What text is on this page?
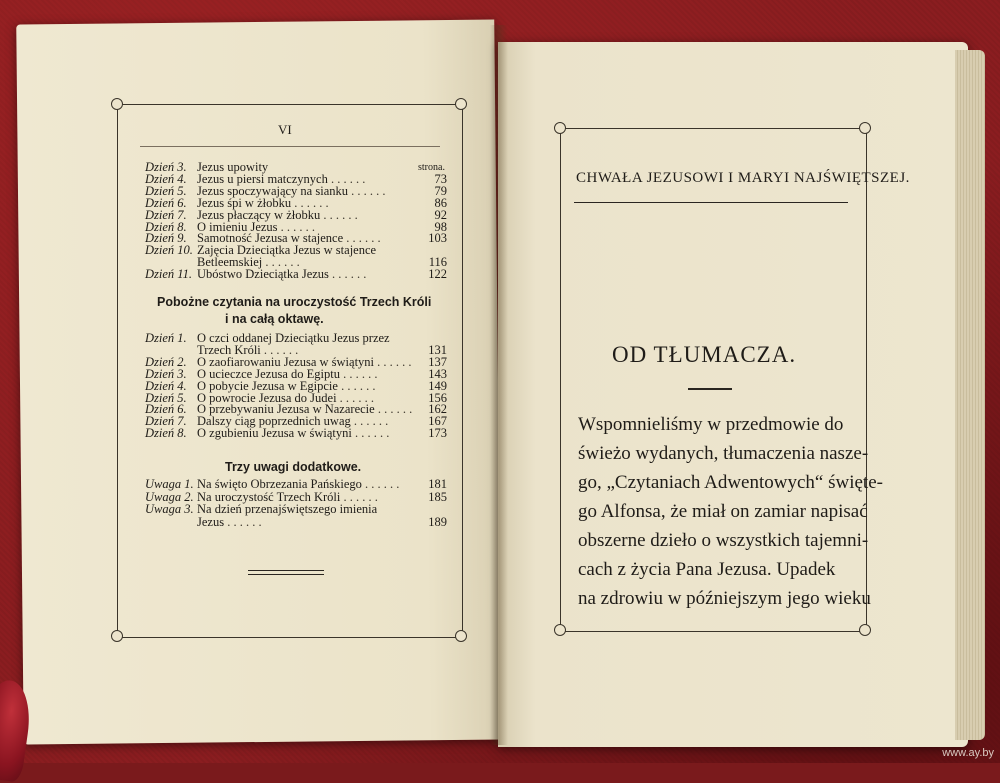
VI
strona.
Dzień 3. Jezus upowity
Dzień 4. Jezus u piersi matczynych . . . . . .	73
Dzień 5. Jezus spoczywający na sianku . . . . . .	79
Dzień 6. Jezus śpi w żłobku . . . . . .	86
Dzień 7. Jezus płaczący w żłobku . . . . . .	92
Dzień 8. O imieniu Jezus . . . . . .	98
Dzień 9. Samotność Jezusa w stajence . . . . . .	103
Dzień 10. Zajęcia Dzieciątka Jezus w stajence
Betleemskiej . . . . . .	116
Dzień 11. Ubóstwo Dzieciątka Jezus . . . . . .	122
Pobożne czytania na uroczystość Trzech Króli
i na całą oktawę.
Dzień 1. O czci oddanej Dzieciątku Jezus przez
Trzech Króli . . . . . .	131
Dzień 2. O zaofiarowaniu Jezusa w świątyni . . . . . . 137
Dzień 3. O ucieczce Jezusa do Egiptu . . . . . .	143
Dzień 4. O pobycie Jezusa w Egipcie . . . . . .	149
Dzień 5. O powrocie Jezusa do Judei . . . . . .	156
Dzień 6. O przebywaniu Jezusa w Nazarecie . . . . . . 162
Dzień 7. Dalszy ciąg poprzednich uwag . . . . . .	167
Dzień 8. O zgubieniu Jezusa w świątyni . . . . . .	173
Trzy uwagi dodatkowe.
Uwaga 1. Na święto Obrzezania Pańskiego . . . . . . 181
Uwaga 2. Na uroczystość Trzech Króli . . . . . .	185
Uwaga 3. Na dzień przenajświętszego imienia
Jezus . . . . . .	189
CHWAŁA JEZUSOWI I MARYI NAJŚWIĘTSZEJ.
OD TŁUMACZA.
Wspomnieliśmy w przedmowie do
świeżo wydanych, tłumaczenia nasze-
go, „Czytaniach Adwentowych“ święte-
go Alfonsa, że miał on zamiar napisać
obszerne dzieło o wszystkich tajemni-
cach z życia Pana Jezusa. Upadek
na zdrowiu w późniejszym jego wieku
www.ay.by
